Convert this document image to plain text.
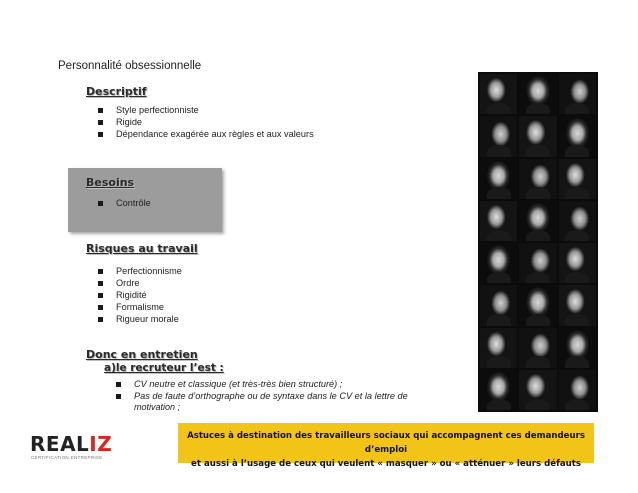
Personnalité obsessionnelle
Descriptif
Style perfectionniste
Rigide
Dépendance exagérée aux règles et aux valeurs
Besoins
Contrôle
Risques au travail
Perfectionnisme
Ordre
Rigidité
Formalisme
Rigueur morale
Donc en entretien
a)le recruteur l’est :
CV neutre et classique (et très-très bien structuré) ;
Pas de faute d’orthographe ou de syntaxe dans le CV et la lettre de
motivation ;
REALIZ
CERTIFICATION·ENTREPRISE
Astuces à destination des travailleurs sociaux qui accompagnent ces demandeurs d’emploi
et aussi à l’usage de ceux qui veulent « masquer » ou « atténuer » leurs défauts
